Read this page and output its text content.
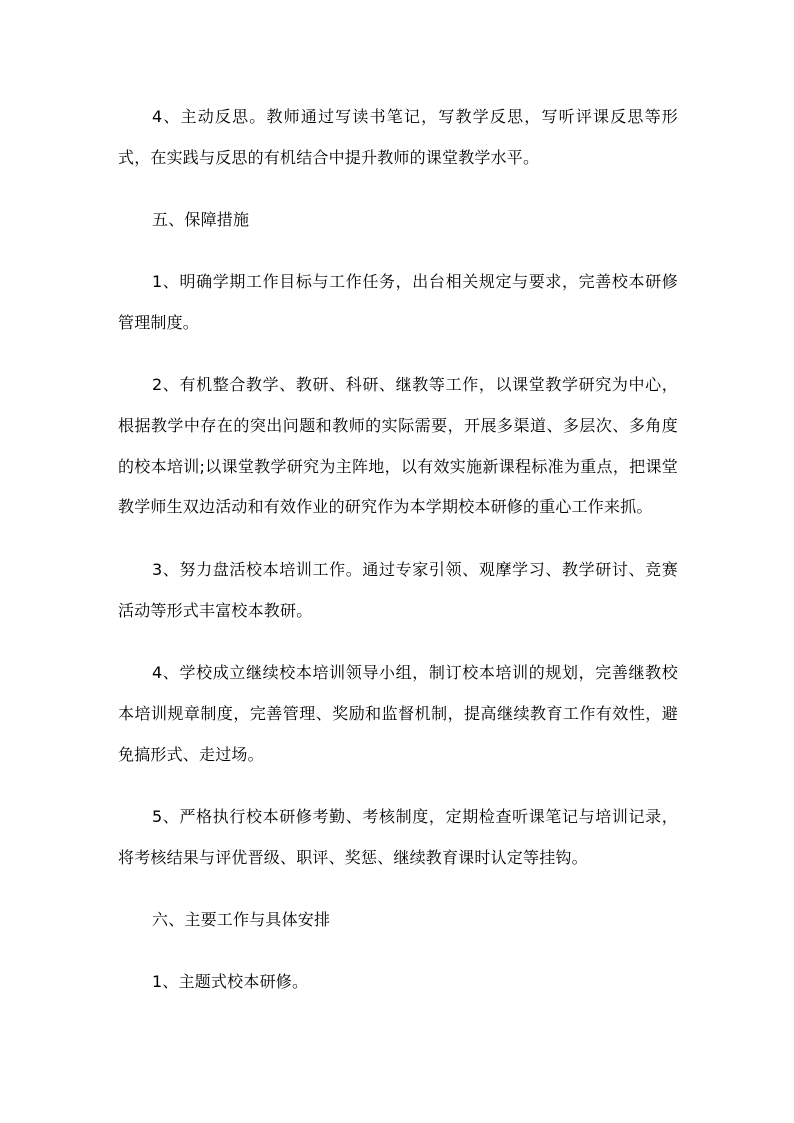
4、主动反思。教师通过写读书笔记，写教学反思，写听评课反思等形式，在实践与反思的有机结合中提升教师的课堂教学水平。

五、保障措施

1、明确学期工作目标与工作任务，出台相关规定与要求，完善校本研修管理制度。

2、有机整合教学、教研、科研、继教等工作，以课堂教学研究为中心，根据教学中存在的突出问题和教师的实际需要，开展多渠道、多层次、多角度的校本培训;以课堂教学研究为主阵地，以有效实施新课程标准为重点，把课堂教学师生双边活动和有效作业的研究作为本学期校本研修的重心工作来抓。

3、努力盘活校本培训工作。通过专家引领、观摩学习、教学研讨、竞赛活动等形式丰富校本教研。

4、学校成立继续校本培训领导小组，制订校本培训的规划，完善继教校本培训规章制度，完善管理、奖励和监督机制，提高继续教育工作有效性，避免搞形式、走过场。

5、严格执行校本研修考勤、考核制度，定期检查听课笔记与培训记录，将考核结果与评优晋级、职评、奖惩、继续教育课时认定等挂钩。

六、主要工作与具体安排

1、主题式校本研修。
